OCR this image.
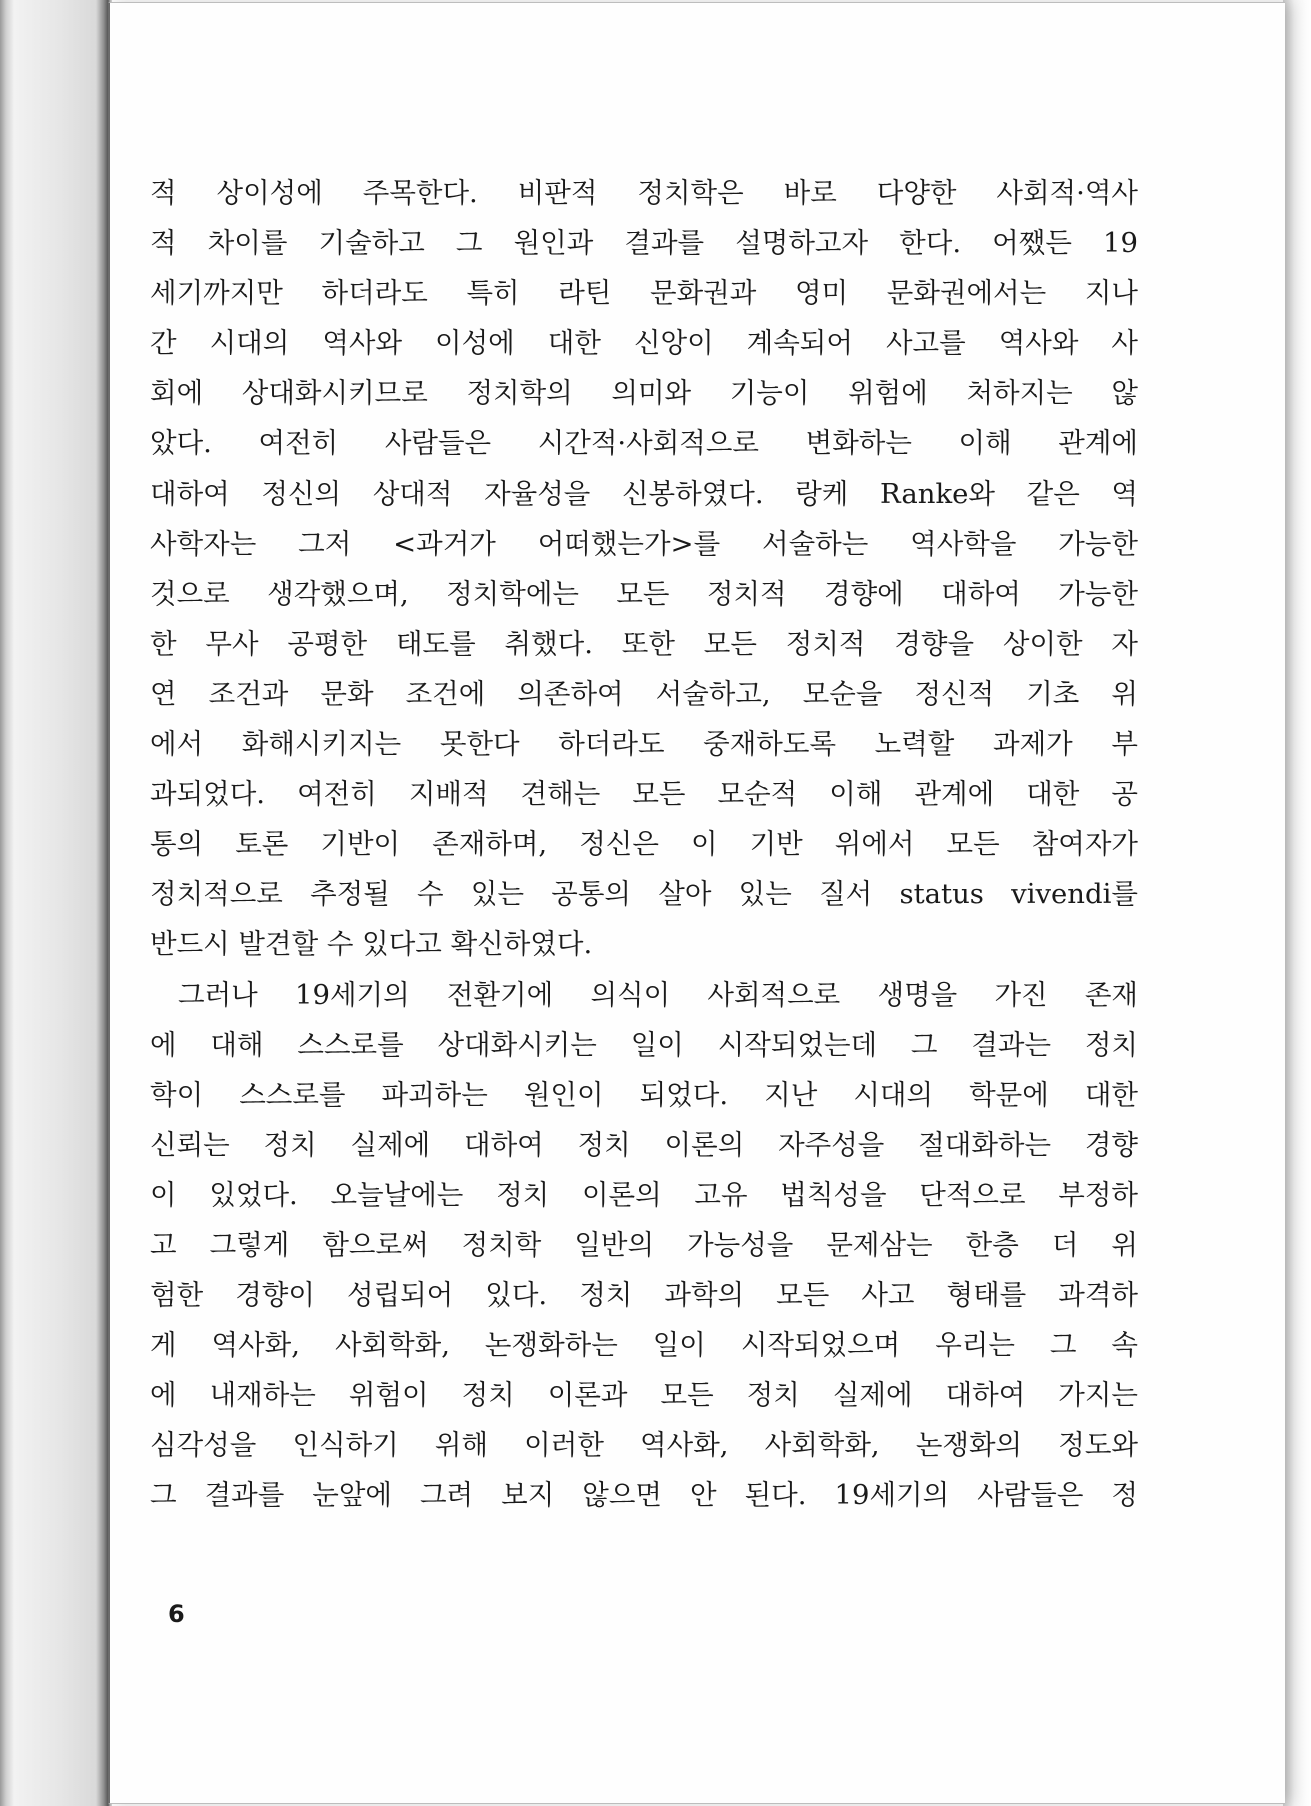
적 상이성에 주목한다. 비판적 정치학은 바로 다양한 사회적·역사
적 차이를 기술하고 그 원인과 결과를 설명하고자 한다. 어쨌든 19
세기까지만 하더라도 특히 라틴 문화권과 영미 문화권에서는 지나
간 시대의 역사와 이성에 대한 신앙이 계속되어 사고를 역사와 사
회에 상대화시키므로 정치학의 의미와 기능이 위험에 처하지는 않
았다. 여전히 사람들은 시간적·사회적으로 변화하는 이해 관계에
대하여 정신의 상대적 자율성을 신봉하였다. 랑케 Ranke와 같은 역
사학자는 그저 <과거가 어떠했는가>를 서술하는 역사학을 가능한
것으로 생각했으며, 정치학에는 모든 정치적 경향에 대하여 가능한
한 무사 공평한 태도를 취했다. 또한 모든 정치적 경향을 상이한 자
연 조건과 문화 조건에 의존하여 서술하고, 모순을 정신적 기초 위
에서 화해시키지는 못한다 하더라도 중재하도록 노력할 과제가 부
과되었다. 여전히 지배적 견해는 모든 모순적 이해 관계에 대한 공
통의 토론 기반이 존재하며, 정신은 이 기반 위에서 모든 참여자가
정치적으로 추정될 수 있는 공통의 살아 있는 질서 status vivendi를
반드시 발견할 수 있다고 확신하였다.
그러나 19세기의 전환기에 의식이 사회적으로 생명을 가진 존재
에 대해 스스로를 상대화시키는 일이 시작되었는데 그 결과는 정치
학이 스스로를 파괴하는 원인이 되었다. 지난 시대의 학문에 대한
신뢰는 정치 실제에 대하여 정치 이론의 자주성을 절대화하는 경향
이 있었다. 오늘날에는 정치 이론의 고유 법칙성을 단적으로 부정하
고 그렇게 함으로써 정치학 일반의 가능성을 문제삼는 한층 더 위
험한 경향이 성립되어 있다. 정치 과학의 모든 사고 형태를 과격하
게 역사화, 사회학화, 논쟁화하는 일이 시작되었으며 우리는 그 속
에 내재하는 위험이 정치 이론과 모든 정치 실제에 대하여 가지는
심각성을 인식하기 위해 이러한 역사화, 사회학화, 논쟁화의 정도와
그 결과를 눈앞에 그려 보지 않으면 안 된다. 19세기의 사람들은 정
6
